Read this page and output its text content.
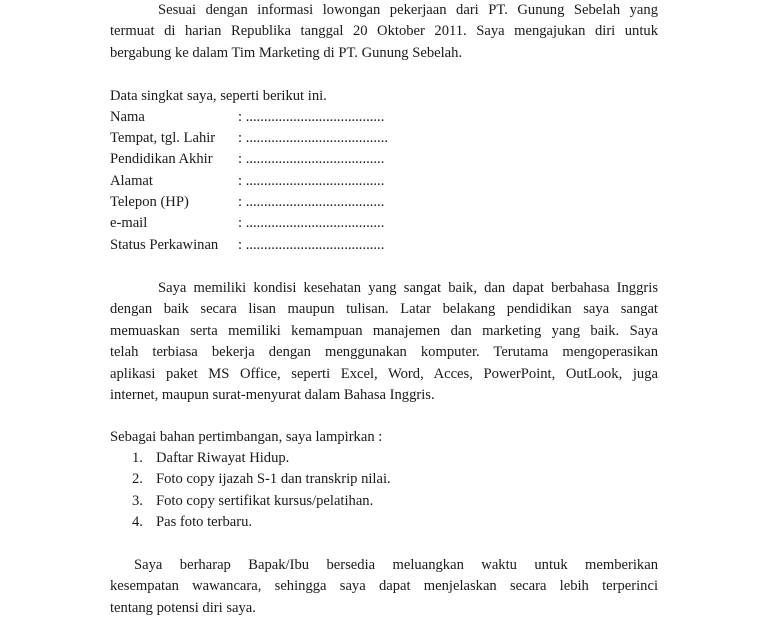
Sesuai dengan informasi lowongan pekerjaan dari PT. Gunung Sebelah yang
termuat di harian Republika tanggal 20 Oktober 2011. Saya mengajukan diri untuk
bergabung ke dalam Tim Marketing di PT. Gunung Sebelah.

Data singkat saya, seperti berikut ini.

Nama	: ......................................
Tempat, tgl. Lahir : .......................................
Pendidikan Akhir : ......................................
Alamat	: ......................................
Telepon (HP)	: ......................................
e-mail	: ......................................
Status Perkawinan : ......................................
Saya memiliki kondisi kesehatan yang sangat baik, dan dapat berbahasa Inggris
dengan baik secara lisan maupun tulisan. Latar belakang pendidikan saya sangat
memuaskan serta memiliki kemampuan manajemen dan marketing yang baik. Saya
telah terbiasa bekerja dengan menggunakan komputer. Terutama mengoperasikan
aplikasi paket MS Office, seperti Excel, Word, Acces, PowerPoint, OutLook, juga
internet, maupun surat-menyurat dalam Bahasa Inggris.

Sebagai bahan pertimbangan, saya lampirkan :

1. Daftar Riwayat Hidup.
2. Foto copy ijazah S-1 dan transkrip nilai.
3. Foto copy sertifikat kursus/pelatihan.
4. Pas foto terbaru.
Saya berharap Bapak/Ibu bersedia meluangkan waktu untuk memberikan
kesempatan wawancara, sehingga saya dapat menjelaskan secara lebih terperinci
tentang potensi diri saya.
